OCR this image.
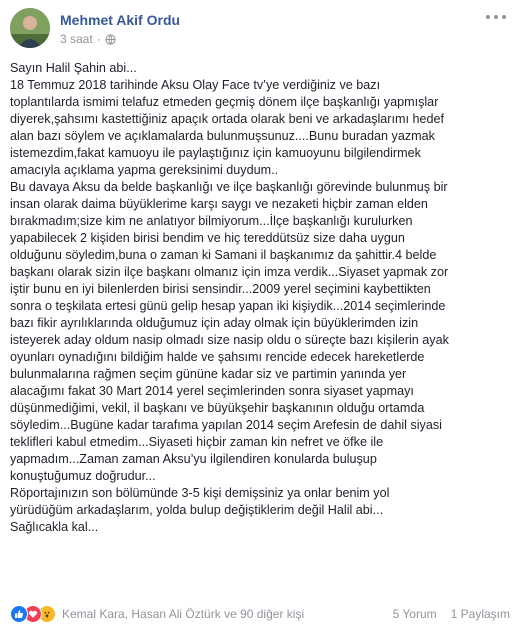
Mehmet Akif Ordu
3 saat ·

Sayın Halil Şahin abi...

18 Temmuz 2018 tarihinde Aksu Olay Face tv’ye verdiğiniz ve bazı

toplantılarda ismimi telafuz etmeden geçmiş dönem ilçe başkanlığı yapmışlar

diyerek,şahsımı kastettiğiniz apaçık ortada olarak beni ve arkadaşlarımı hedef

alan bazı söylem ve açıklamalarda bulunmuşsunuz....Bunu buradan yazmak

istemezdim,fakat kamuoyu ile paylaştığınız için kamuoyunu bilgilendirmek

amacıyla açıklama yapma gereksinimi duydum..

Bu davaya Aksu da belde başkanlığı ve ilçe başkanlığı görevinde bulunmuş bir

insan olarak daima büyüklerime karşı saygı ve nezaketi hiçbir zaman elden

bırakmadım;size kim ne anlatıyor bilmiyorum...İlçe başkanlığı kurulurken

yapabilecek 2 kişiden birisi bendim ve hiç tereddütsüz size daha uygun

olduğunu söyledim,buna o zaman ki Samani il başkanımız da şahittir.4 belde

başkanı olarak sizin ilçe başkanı olmanız için imza verdik...Siyaset yapmak zor

iştir bunu en iyi bilenlerden birisi sensindir...2009 yerel seçimini kaybettikten

sonra o teşkilata ertesi günü gelip hesap yapan iki kişiydik...2014 seçimlerinde

bazı fikir ayrılıklarında olduğumuz için aday olmak için büyüklerimden izin

isteyerek aday oldum nasip olmadı size nasip oldu o süreçte bazı kişilerin ayak

oyunları oynadığını bildiğim halde ve şahsımı rencide edecek hareketlerde

bulunmalarına rağmen seçim gününe kadar siz ve partimin yanında yer

alacağımı fakat 30 Mart 2014 yerel seçimlerinden sonra siyaset yapmayı

düşünmediğimi, vekil, il başkanı ve büyükşehir başkanının olduğu ortamda

söyledim...Bugüne kadar tarafıma yapılan 2014 seçim Arefesin de dahil siyasi

teklifleri kabul etmedim...Siyaseti hiçbir zaman kin nefret ve öfke ile

yapmadım...Zaman zaman Aksu’yu ilgilendiren konularda buluşup

konuştuğumuz doğrudur...

Röportajınızın son bölümünde 3-5 kişi demişsiniz ya onlar benim yol

yürüdüğüm arkadaşlarım, yolda bulup değiştiklerim değil Halil abi...

Sağlıcakla kal...

Kemal Kara, Hasan Ali Öztürk ve 90 diğer kişi	5 Yorum 1 Paylaşım
